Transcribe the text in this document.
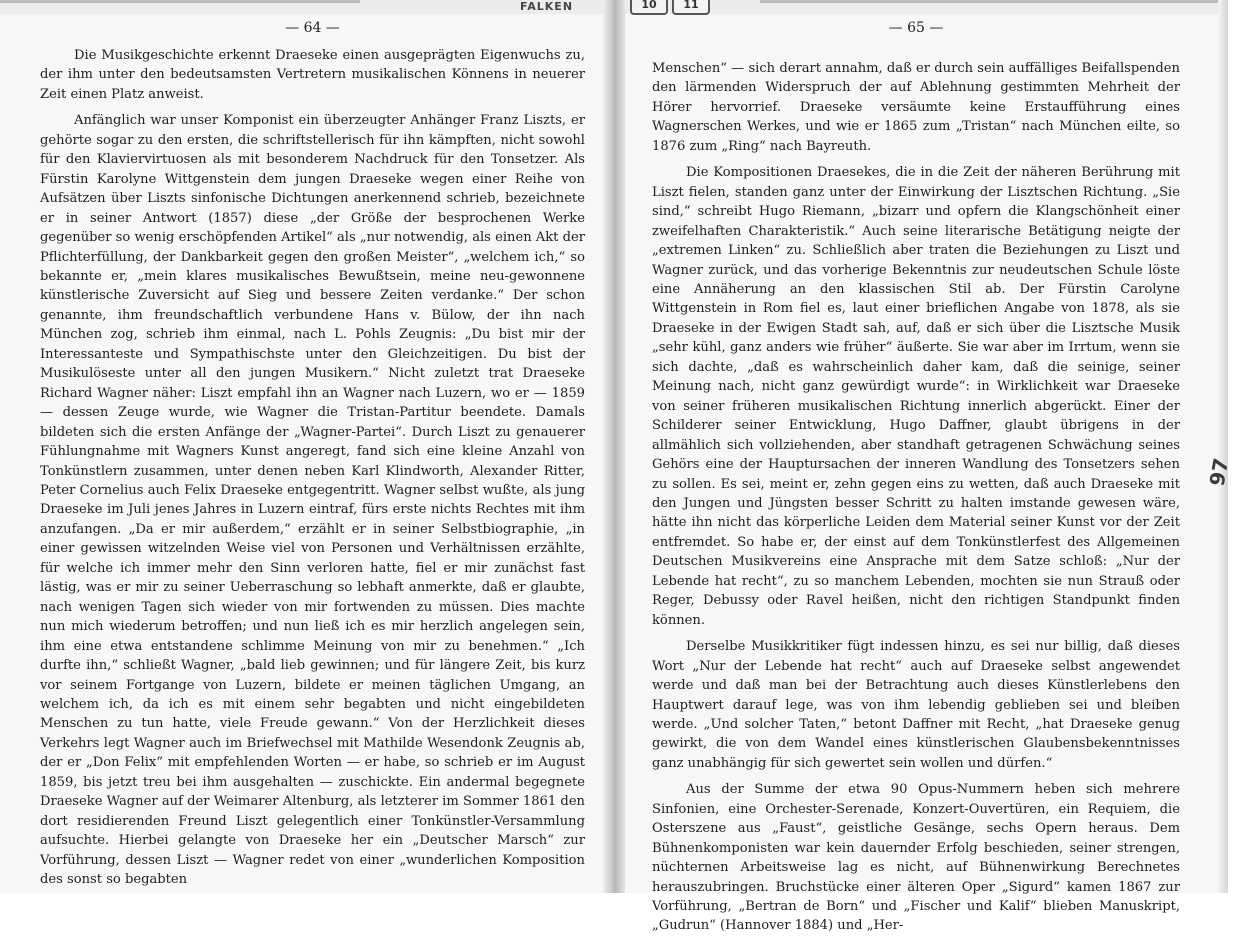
FALKEN	10	11
— 64 —

Die Musikgeschichte erkennt Draeseke einen ausgeprägten Eigenwuchs zu, der ihm unter den bedeutsamsten Vertretern musikalischen Könnens in neuerer Zeit einen Platz anweist.

Anfänglich war unser Komponist ein überzeugter Anhänger Franz Liszts, er gehörte sogar zu den ersten, die schriftstellerisch für ihn kämpften, nicht sowohl für den Klaviervirtuosen als mit besonderem Nachdruck für den Tonsetzer. Als Fürstin Karolyne Wittgenstein dem jungen Draeseke wegen einer Reihe von Aufsätzen über Liszts sinfonische Dichtungen anerkennend schrieb, bezeichnete er in seiner Antwort (1857) diese „der Größe der besprochenen Werke gegenüber so wenig erschöpfenden Artikel“ als „nur notwendig, als einen Akt der Pflichterfüllung, der Dankbarkeit gegen den großen Meister“, „welchem ich,“ so bekannte er, „mein klares musikalisches Bewußtsein, meine neu-gewonnene künstlerische Zuversicht auf Sieg und bessere Zeiten verdanke.“ Der schon genannte, ihm freundschaftlich verbundene Hans v. Bülow, der ihn nach München zog, schrieb ihm einmal, nach L. Pohls Zeugnis: „Du bist mir der Interessanteste und Sympathischste unter den Gleichzeitigen. Du bist der Musikulöseste unter all den jungen Musikern.“ Nicht zuletzt trat Draeseke Richard Wagner näher: Liszt empfahl ihn an Wagner nach Luzern, wo er — 1859 — dessen Zeuge wurde, wie Wagner die Tristan-Partitur beendete. Damals bildeten sich die ersten Anfänge der „Wagner-Partei“. Durch Liszt zu genauerer Fühlungnahme mit Wagners Kunst angeregt, fand sich eine kleine Anzahl von Tonkünstlern zusammen, unter denen neben Karl Klindworth, Alexander Ritter, Peter Cornelius auch Felix Draeseke entgegentritt. Wagner selbst wußte, als jung Draeseke im Juli jenes Jahres in Luzern eintraf, fürs erste nichts Rechtes mit ihm anzufangen. „Da er mir außerdem,“ erzählt er in seiner Selbstbiographie, „in einer gewissen witzelnden Weise viel von Personen und Verhältnissen erzählte, für welche ich immer mehr den Sinn verloren hatte, fiel er mir zunächst fast lästig, was er mir zu seiner Ueberraschung so lebhaft anmerkte, daß er glaubte, nach wenigen Tagen sich wieder von mir fortwenden zu müssen. Dies machte nun mich wiederum betroffen; und nun ließ ich es mir herzlich angelegen sein, ihm eine etwa entstandene schlimme Meinung von mir zu benehmen.“ „Ich durfte ihn,“ schließt Wagner, „bald lieb gewinnen; und für längere Zeit, bis kurz vor seinem Fortgange von Luzern, bildete er meinen täglichen Umgang, an welchem ich, da ich es mit einem sehr begabten und nicht eingebildeten Menschen zu tun hatte, viele Freude gewann.“ Von der Herzlichkeit dieses Verkehrs legt Wagner auch im Briefwechsel mit Mathilde Wesendonk Zeugnis ab, der er „Don Felix“ mit empfehlenden Worten — er habe, so schrieb er im August 1859, bis jetzt treu bei ihm ausgehalten — zuschickte. Ein andermal begegnete Draeseke Wagner auf der Weimarer Altenburg, als letzterer im Sommer 1861 den dort residierenden Freund Liszt gelegentlich einer Tonkünstler-Versammlung aufsuchte. Hierbei gelangte von Draeseke her ein „Deutscher Marsch“ zur Vorführung, dessen Liszt — Wagner redet von einer „wunderlichen Komposition des sonst so begabten

— 65 —

Menschen“ — sich derart annahm, daß er durch sein auffälliges Beifallspenden den lärmenden Widerspruch der auf Ablehnung gestimmten Mehrheit der Hörer hervorrief. Draeseke versäumte keine Erstaufführung eines Wagnerschen Werkes, und wie er 1865 zum „Tristan“ nach München eilte, so 1876 zum „Ring“ nach Bayreuth.

Die Kompositionen Draesekes, die in die Zeit der näheren Berührung mit Liszt fielen, standen ganz unter der Einwirkung der Lisztschen Richtung. „Sie sind,“ schreibt Hugo Riemann, „bizarr und opfern die Klangschönheit einer zweifelhaften Charakteristik.“ Auch seine literarische Betätigung neigte der „extremen Linken“ zu. Schließlich aber traten die Beziehungen zu Liszt und Wagner zurück, und das vorherige Bekenntnis zur neudeutschen Schule löste eine Annäherung an den klassischen Stil ab. Der Fürstin Carolyne Wittgenstein in Rom fiel es, laut einer brieflichen Angabe von 1878, als sie Draeseke in der Ewigen Stadt sah, auf, daß er sich über die Lisztsche Musik „sehr kühl, ganz anders wie früher“ äußerte. Sie war aber im Irrtum, wenn sie sich dachte, „daß es wahrscheinlich daher kam, daß die seinige, seiner Meinung nach, nicht ganz gewürdigt wurde“: in Wirklichkeit war Draeseke von seiner früheren musikalischen Richtung innerlich abgerückt. Einer der Schilderer seiner Entwicklung, Hugo Daffner, glaubt übrigens in der allmählich sich vollziehenden, aber standhaft getragenen Schwächung seines Gehörs eine der Hauptursachen der inneren Wandlung des Tonsetzers sehen zu sollen. Es sei, meint er, zehn gegen eins zu wetten, daß auch Draeseke mit den Jungen und Jüngsten besser Schritt zu halten imstande gewesen wäre, hätte ihn nicht das körperliche Leiden dem Material seiner Kunst vor der Zeit entfremdet. So habe er, der einst auf dem Tonkünstlerfest des Allgemeinen Deutschen Musikvereins eine Ansprache mit dem Satze schloß: „Nur der Lebende hat recht“, zu so manchem Lebenden, mochten sie nun Strauß oder Reger, Debussy oder Ravel heißen, nicht den richtigen Standpunkt finden können.

Derselbe Musikkritiker fügt indessen hinzu, es sei nur billig, daß dieses Wort „Nur der Lebende hat recht“ auch auf Draeseke selbst angewendet werde und daß man bei der Betrachtung auch dieses Künstlerlebens den Hauptwert darauf lege, was von ihm lebendig geblieben sei und bleiben werde. „Und solcher Taten,“ betont Daffner mit Recht, „hat Draeseke genug gewirkt, die von dem Wandel eines künstlerischen Glaubensbekenntnisses ganz unabhängig für sich gewertet sein wollen und dürfen.“

Aus der Summe der etwa 90 Opus-Nummern heben sich mehrere Sinfonien, eine Orchester-Serenade, Konzert-Ouvertüren, ein Requiem, die Osterszene aus „Faust“, geistliche Gesänge, sechs Opern heraus. Dem Bühnenkomponisten war kein dauernder Erfolg beschieden, seiner strengen, nüchternen Arbeitsweise lag es nicht, auf Bühnenwirkung Berechnetes herauszubringen. Bruchstücke einer älteren Oper „Sigurd“ kamen 1867 zur Vorführung, „Bertran de Born“ und „Fischer und Kalif“ blieben Manuskript, „Gudrun“ (Hannover 1884) und „Her-

97
